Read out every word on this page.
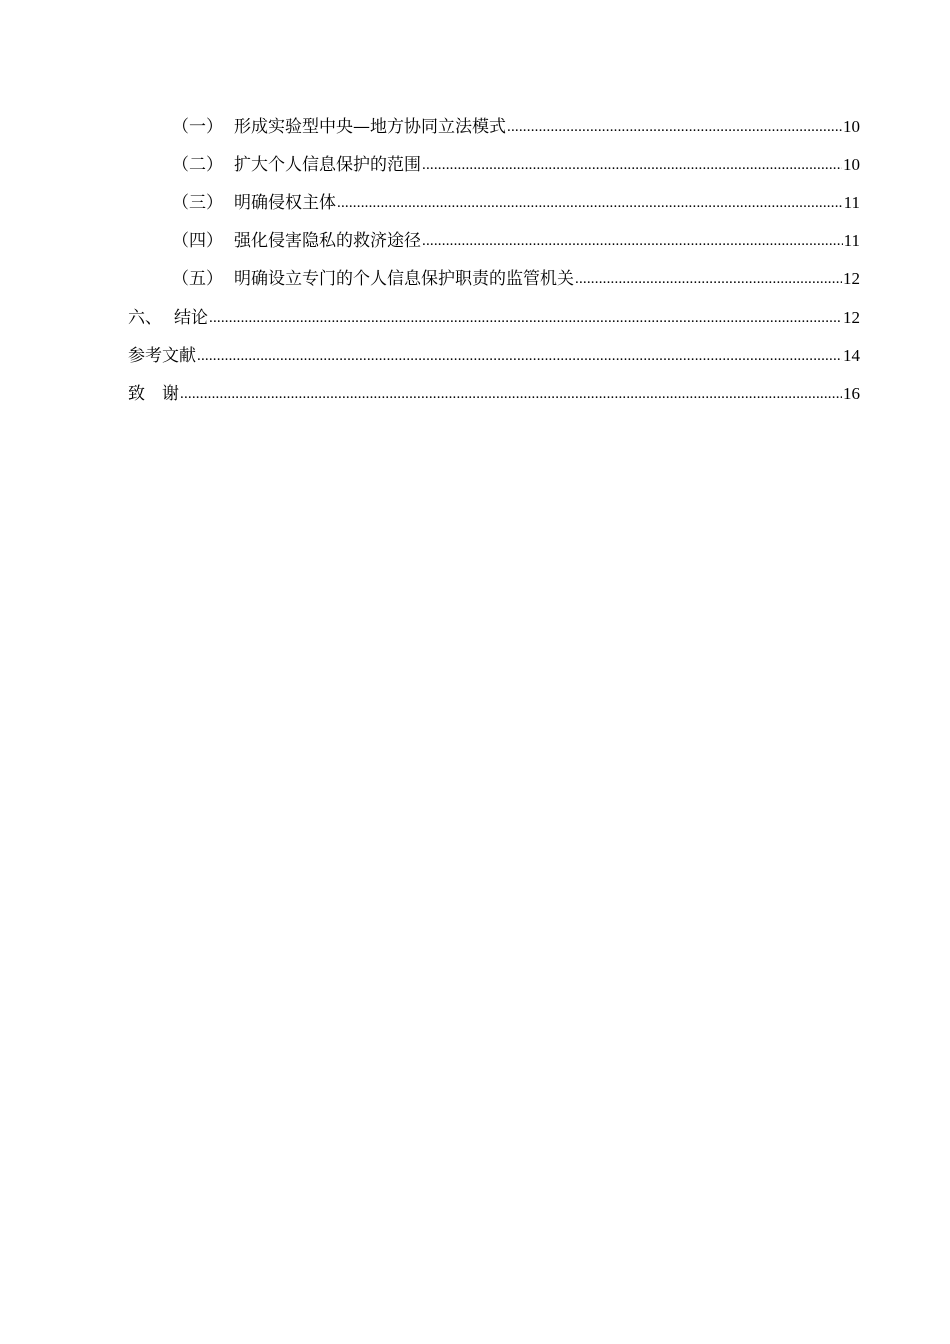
（一） 形成实验型中央—地方协同立法模式 .....	10
（二） 扩大个人信息保护的范围 .....	10
（三） 明确侵权主体 .....	11
（四） 强化侵害隐私的救济途径 .....	11
（五） 明确设立专门的个人信息保护职责的监管机关 .....	12
六、 结论 .....	12
参考文献 .....	14
致　谢 .....	16
